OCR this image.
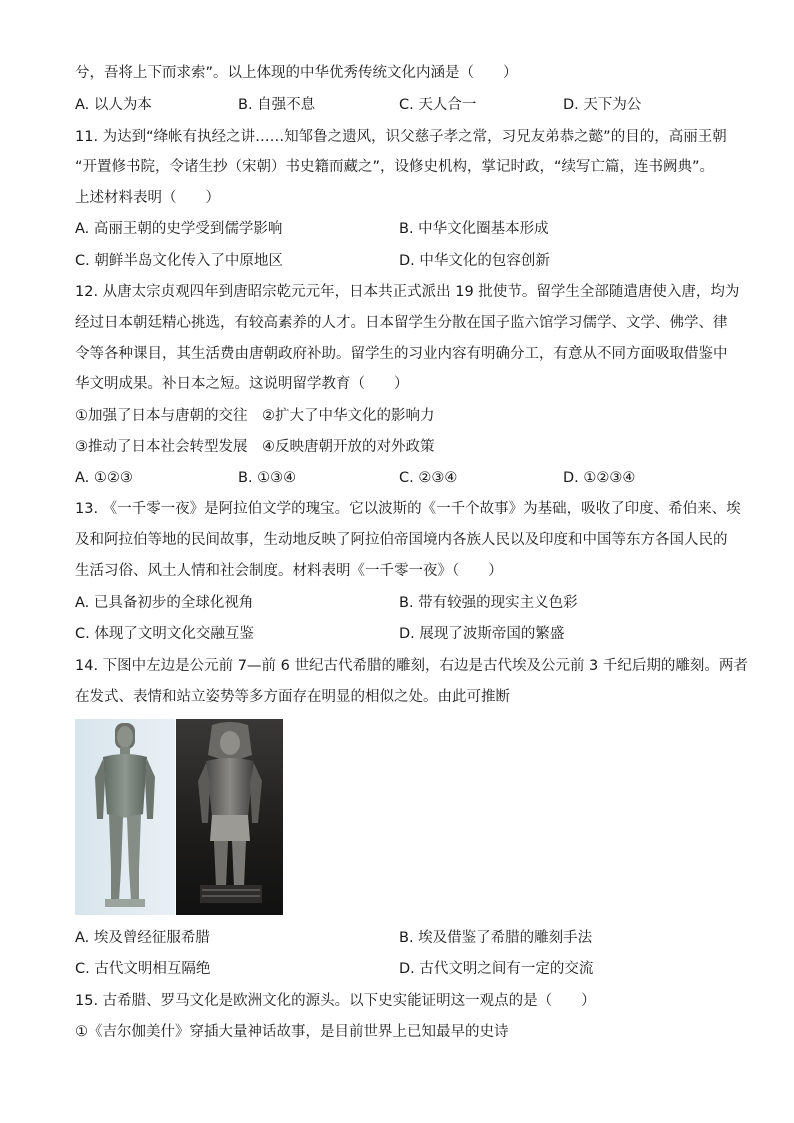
兮，吾将上下而求索”。以上体现的中华优秀传统文化内涵是（　　）
A. 以人为本	B. 自强不息	C. 天人合一	D. 天下为公
11. 为达到“绛帐有执经之讲……知邹鲁之遗风，识父慈子孝之常，习兄友弟恭之懿”的目的，高丽王朝
“开置修书院，令诸生抄（宋朝）书史籍而藏之”，设修史机构，掌记时政，“续写亡篇，连书阙典”。
上述材料表明（　　）
A. 高丽王朝的史学受到儒学影响	B. 中华文化圈基本形成
C. 朝鲜半岛文化传入了中原地区	D. 中华文化的包容创新
12. 从唐太宗贞观四年到唐昭宗乾元元年，日本共正式派出 19 批使节。留学生全部随遣唐使入唐，均为
经过日本朝廷精心挑选，有较高素养的人才。日本留学生分散在国子监六馆学习儒学、文学、佛学、律
令等各种课目，其生活费由唐朝政府补助。留学生的习业内容有明确分工，有意从不同方面吸取借鉴中
华文明成果。补日本之短。这说明留学教育（　　）
①加强了日本与唐朝的交往　②扩大了中华文化的影响力
③推动了日本社会转型发展　④反映唐朝开放的对外政策
A. ①②③	B. ①③④	C. ②③④	D. ①②③④
13. 《一千零一夜》是阿拉伯文学的瑰宝。它以波斯的《一千个故事》为基础，吸收了印度、希伯来、埃
及和阿拉伯等地的民间故事，生动地反映了阿拉伯帝国境内各族人民以及印度和中国等东方各国人民的
生活习俗、风土人情和社会制度。材料表明《一千零一夜》（　　）
A. 已具备初步的全球化视角	B. 带有较强的现实主义色彩
C. 体现了文明文化交融互鉴	D. 展现了波斯帝国的繁盛
14. 下图中左边是公元前 7—前 6 世纪古代希腊的雕刻，右边是古代埃及公元前 3 千纪后期的雕刻。两者
在发式、表情和站立姿势等多方面存在明显的相似之处。由此可推断
A. 埃及曾经征服希腊	B. 埃及借鉴了希腊的雕刻手法
C. 古代文明相互隔绝	D. 古代文明之间有一定的交流
15. 古希腊、罗马文化是欧洲文化的源头。以下史实能证明这一观点的是（　　）
①《吉尔伽美什》穿插大量神话故事，是目前世界上已知最早的史诗
